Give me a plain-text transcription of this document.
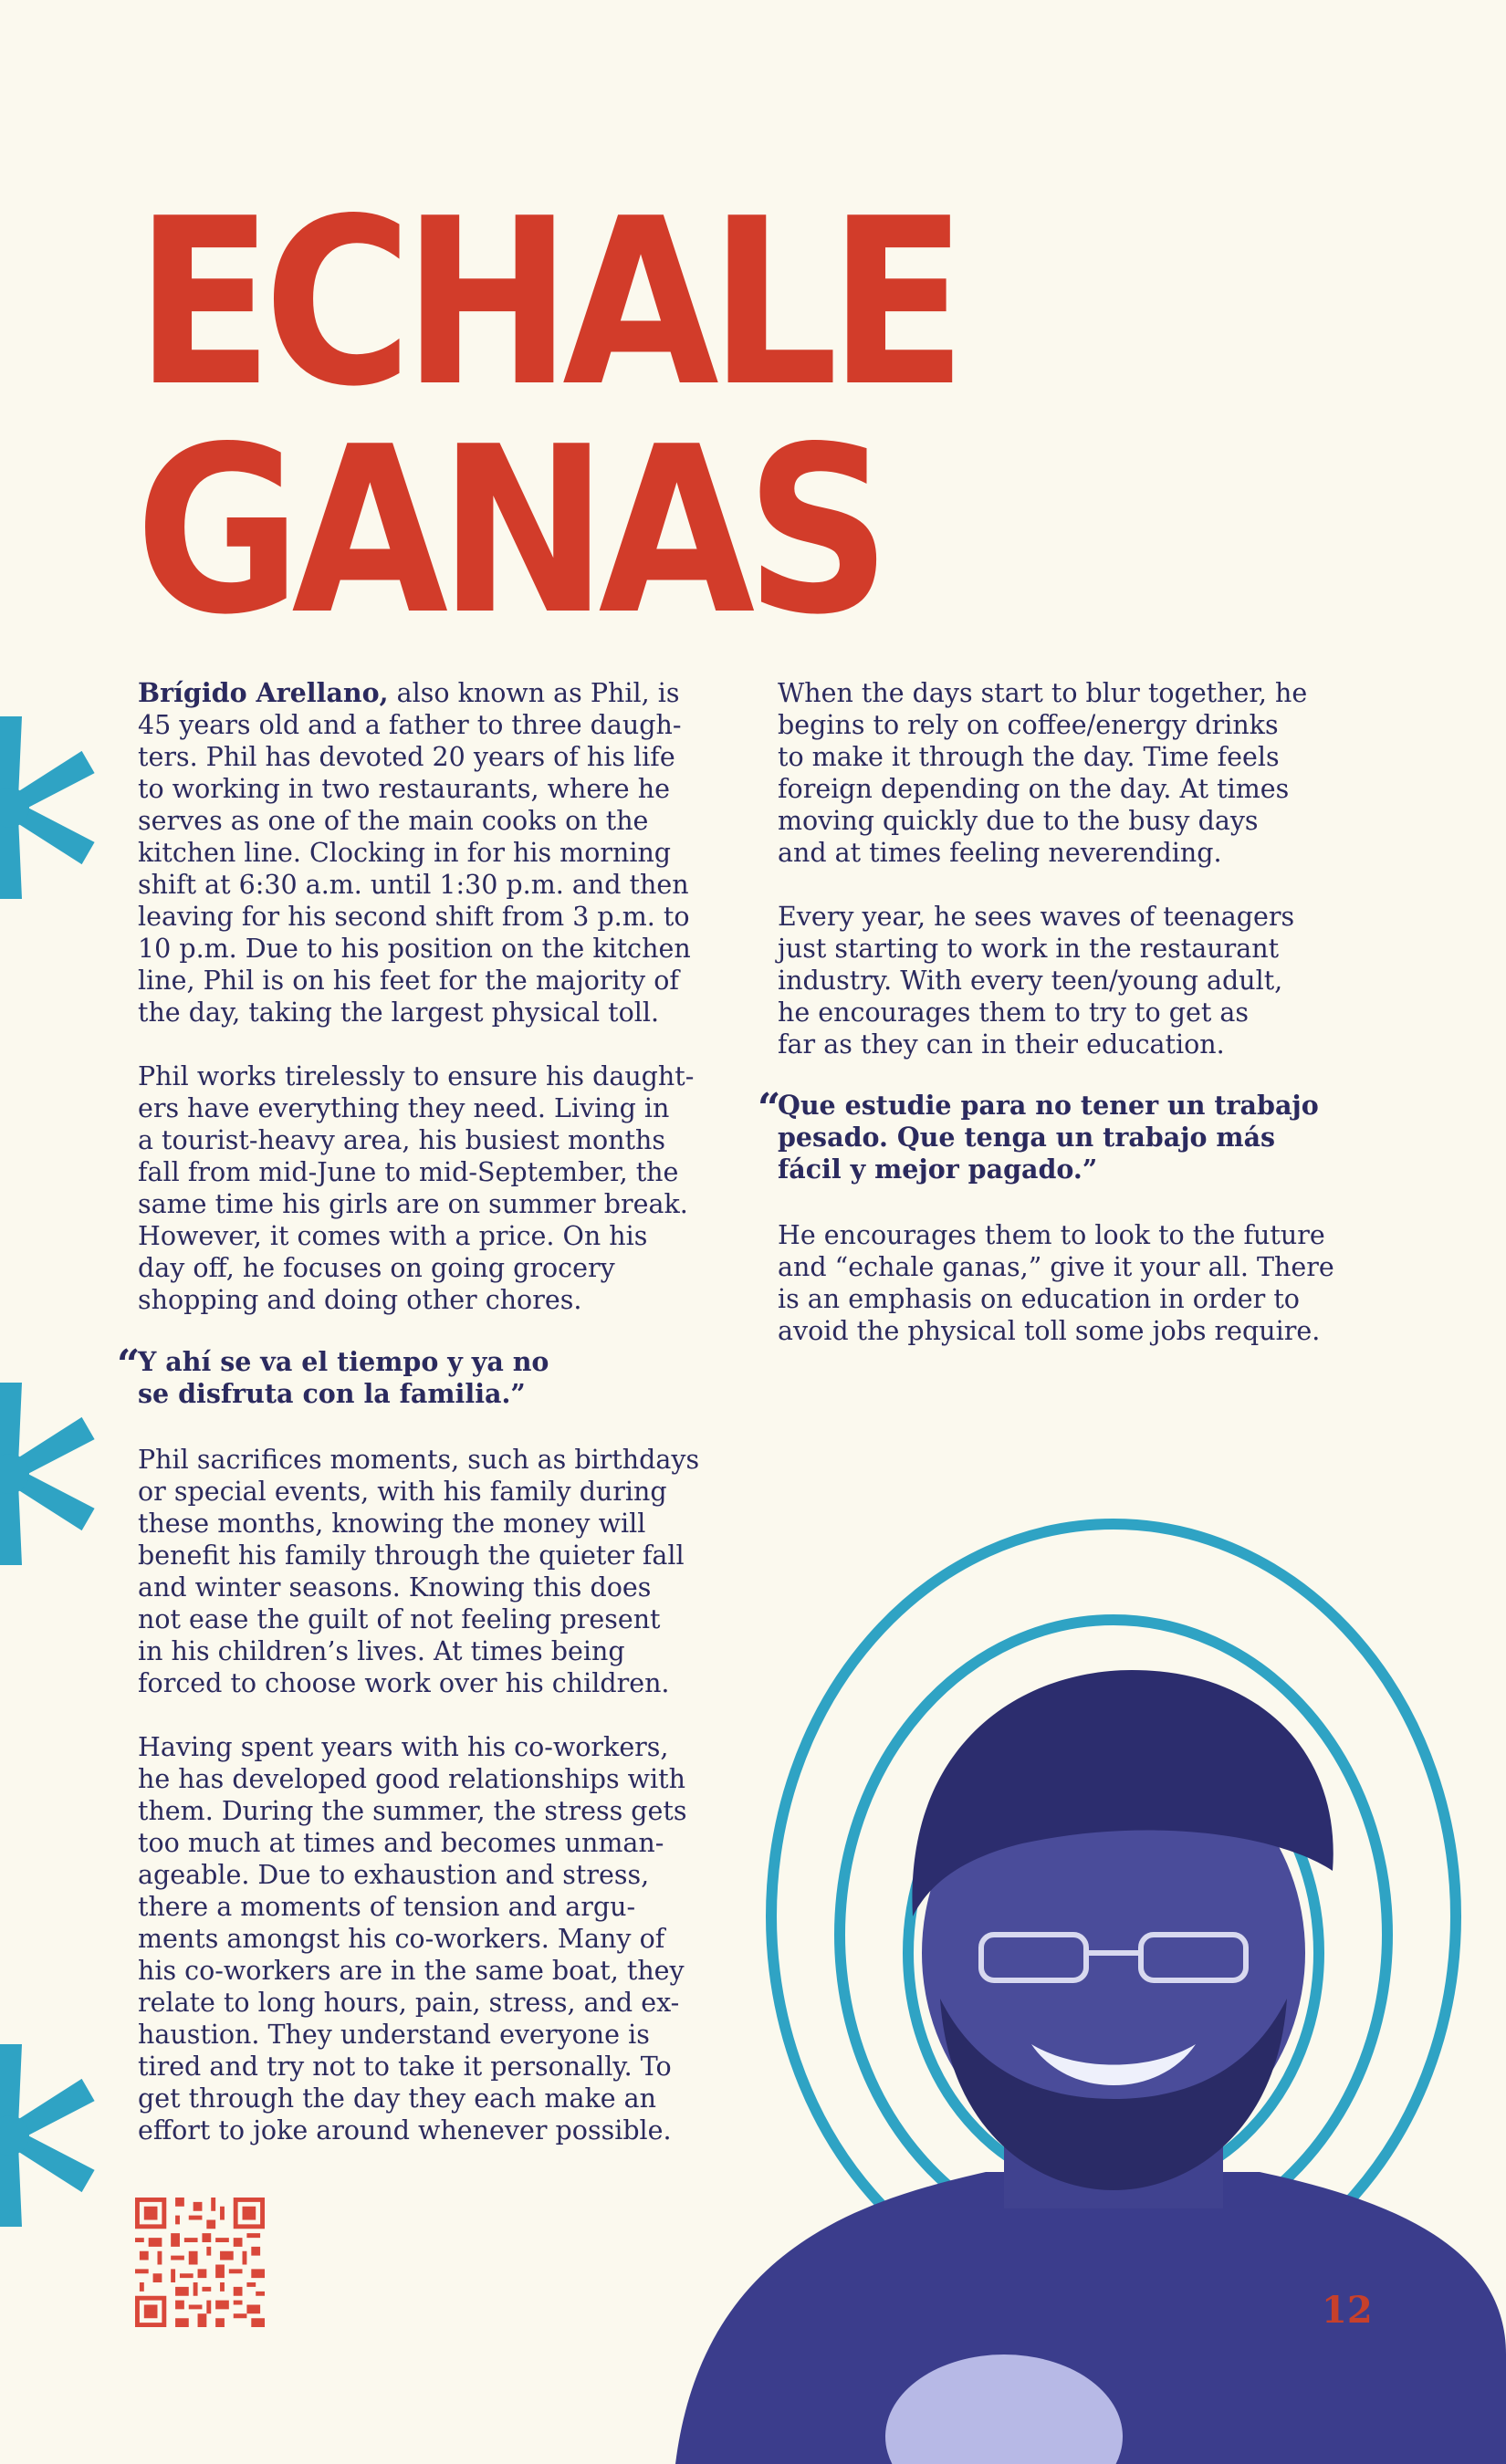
ECHALE
GANAS

Brígido Arellano, also known as Phil, is
45 years old and a father to three daugh-
ters. Phil has devoted 20 years of his life
to working in two restaurants, where he
serves as one of the main cooks on the
kitchen line. Clocking in for his morning
shift at 6:30 a.m. until 1:30 p.m. and then
leaving for his second shift from 3 p.m. to
10 p.m. Due to his position on the kitchen
line, Phil is on his feet for the majority of
the day, taking the largest physical toll.

Phil works tirelessly to ensure his daught-
ers have everything they need. Living in
a tourist-heavy area, his busiest months
fall from mid-June to mid-September, the
same time his girls are on summer break.
However, it comes with a price. On his
day off, he focuses on going grocery
shopping and doing other chores.

“
Y ahí se va el tiempo y ya no
se disfruta con la familia.”

Phil sacrifices moments, such as birthdays
or special events, with his family during
these months, knowing the money will
benefit his family through the quieter fall
and winter seasons. Knowing this does
not ease the guilt of not feeling present
in his children’s lives. At times being
forced to choose work over his children.

Having spent years with his co-workers,
he has developed good relationships with
them. During the summer, the stress gets
too much at times and becomes unman-
ageable. Due to exhaustion and stress,
there a moments of tension and argu-
ments amongst his co-workers. Many of
his co-workers are in the same boat, they
relate to long hours, pain, stress, and ex-
haustion. They understand everyone is
tired and try not to take it personally. To
get through the day they each make an
effort to joke around whenever possible.

When the days start to blur together, he
begins to rely on coffee/energy drinks
to make it through the day. Time feels
foreign depending on the day. At times
moving quickly due to the busy days
and at times feeling neverending.

Every year, he sees waves of teenagers
just starting to work in the restaurant
industry. With every teen/young adult,
he encourages them to try to get as
far as they can in their education.

“
Que estudie para no tener un trabajo
pesado. Que tenga un trabajo más
fácil y mejor pagado.”

He encourages them to look to the future
and “echale ganas,” give it your all. There
is an emphasis on education in order to
avoid the physical toll some jobs require.

12
